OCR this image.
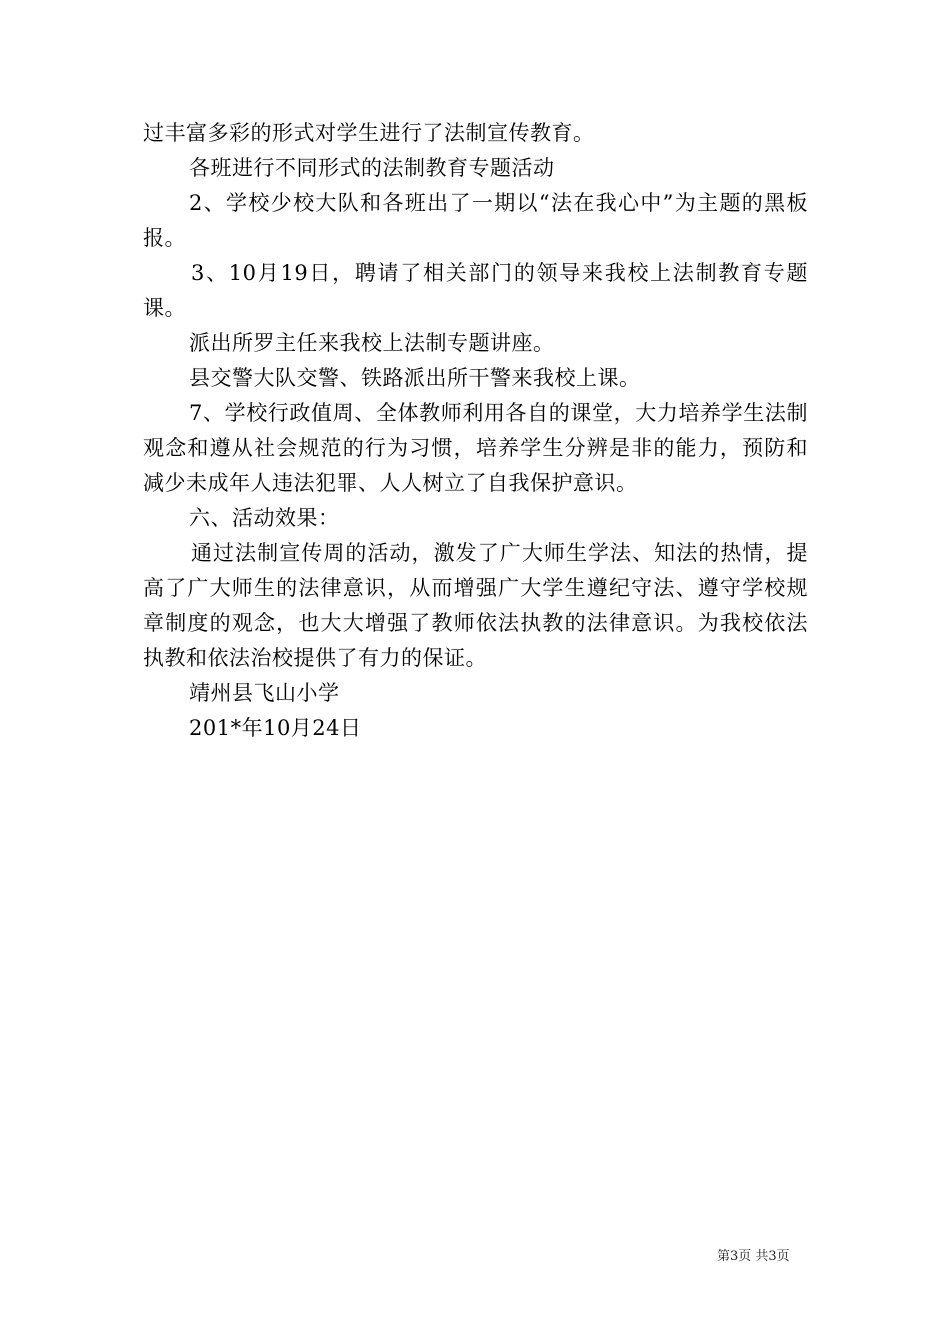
过丰富多彩的形式对学生进行了法制宣传教育。

各班进行不同形式的法制教育专题活动

2、学校少校大队和各班出了一期以“法在我心中”为主题的黑板报。

3、10月19日，聘请了相关部门的领导来我校上法制教育专题课。

派出所罗主任来我校上法制专题讲座。

县交警大队交警、铁路派出所干警来我校上课。

7、学校行政值周、全体教师利用各自的课堂，大力培养学生法制观念和遵从社会规范的行为习惯，培养学生分辨是非的能力，预防和减少未成年人违法犯罪、人人树立了自我保护意识。

六、活动效果：

通过法制宣传周的活动，激发了广大师生学法、知法的热情，提高了广大师生的法律意识，从而增强广大学生遵纪守法、遵守学校规章制度的观念，也大大增强了教师依法执教的法律意识。为我校依法执教和依法治校提供了有力的保证。

靖州县飞山小学

201*年10月24日

第3页 共3页
